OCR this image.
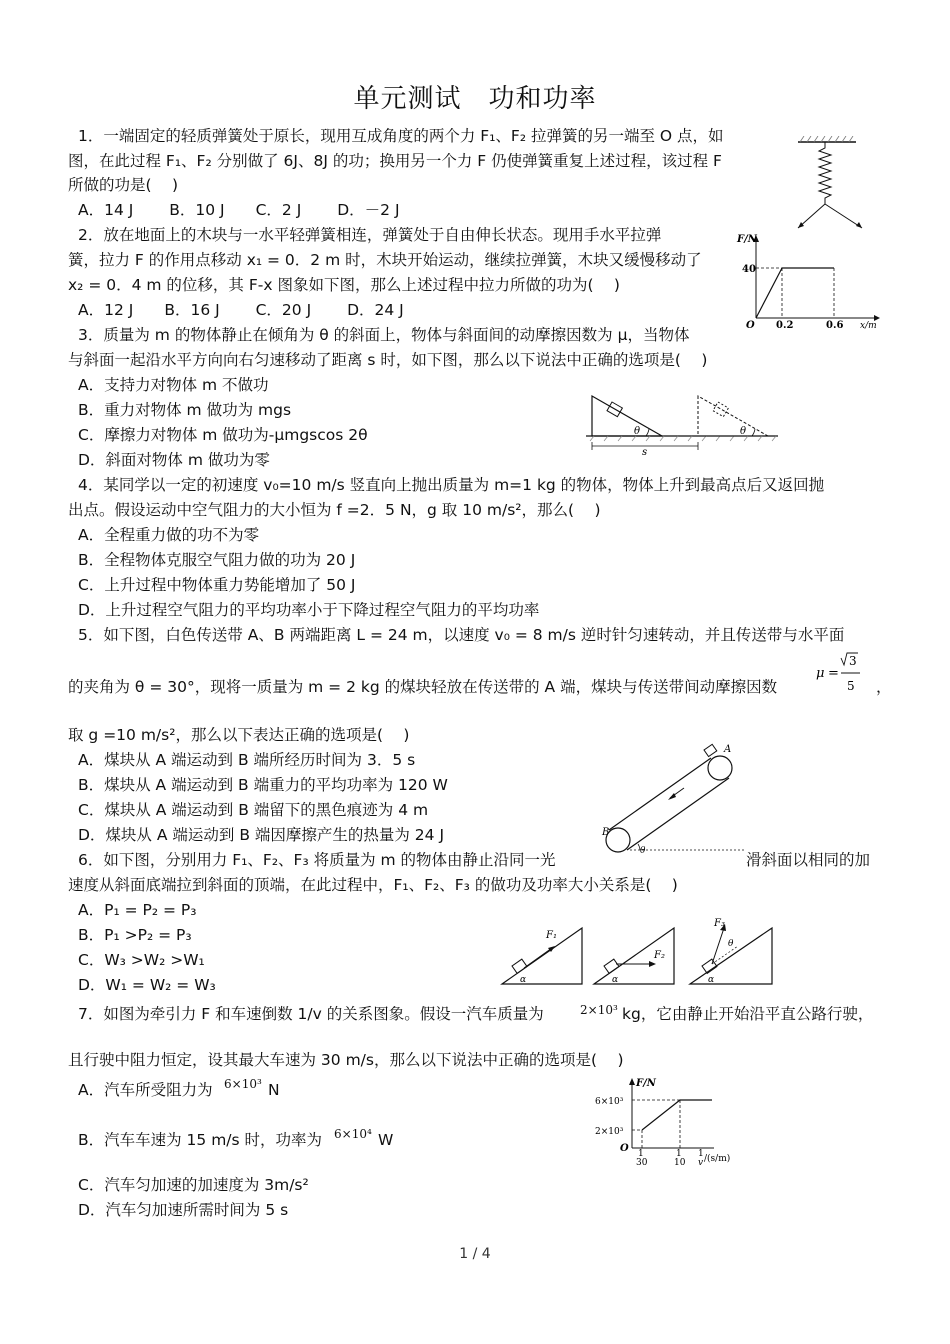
单元测试　功和功率
1．一端固定的轻质弹簧处于原长，现用互成角度的两个力 F₁、F₂ 拉弹簧的另一端至 O 点，如
图，在此过程 F₁、F₂ 分别做了 6J、8J 的功；换用另一个力 F 仍使弹簧重复上述过程，该过程 F
所做的功是(　 )
A．14 J　　 B．10 J　　C．2 J　　 D．－2 J
2．放在地面上的木块与一水平轻弹簧相连，弹簧处于自由伸长状态。现用手水平拉弹
簧，拉力 F 的作用点移动 x₁ = 0．2 m 时，木块开始运动，继续拉弹簧，木块又缓慢移动了
x₂ = 0．4 m 的位移，其 F-x 图象如下图，那么上述过程中拉力所做的功为(　 )
A．12 J　　B．16 J　　 C．20 J　　 D．24 J
3．质量为 m 的物体静止在倾角为 θ 的斜面上，物体与斜面间的动摩擦因数为 μ，当物体
与斜面一起沿水平方向向右匀速移动了距离 s 时，如下图，那么以下说法中正确的选项是(　 )
A．支持力对物体 m 不做功
B．重力对物体 m 做功为 mgs
C．摩擦力对物体 m 做功为-μmgscos 2θ
D．斜面对物体 m 做功为零
4．某同学以一定的初速度 v₀=10 m/s 竖直向上抛出质量为 m=1 kg 的物体，物体上升到最高点后又返回抛
出点。假设运动中空气阻力的大小恒为 f =2．5 N，g 取 10 m/s²，那么(　 )
A．全程重力做的功不为零
B．全程物体克服空气阻力做的功为 20 J
C．上升过程中物体重力势能增加了 50 J
D．上升过程空气阻力的平均功率小于下降过程空气阻力的平均功率
5．如下图，白色传送带 A、B 两端距离 L = 24 m，以速度 v₀ = 8 m/s 逆时针匀速转动，并且传送带与水平面
的夹角为 θ = 30°，现将一质量为 m = 2 kg 的煤块轻放在传送带的 A 端，煤块与传送带间动摩擦因数
μ =
3
5 ，
取 g =10 m/s²，那么以下表达正确的选项是(　 )
A．煤块从 A 端运动到 B 端所经历时间为 3．5 s
B．煤块从 A 端运动到 B 端重力的平均功率为 120 W
C．煤块从 A 端运动到 B 端留下的黑色痕迹为 4 m
D．煤块从 A 端运动到 B 端因摩擦产生的热量为 24 J
6．如下图，分别用力 F₁、F₂、F₃ 将质量为 m 的物体由静止沿同一光	滑斜面以相同的加
速度从斜面底端拉到斜面的顶端，在此过程中，F₁、F₂、F₃ 的做功及功率大小关系是(　 )
A．P₁ = P₂ = P₃
B．P₁ >P₂ = P₃
C．W₃ >W₂ >W₁
D．W₁ = W₂ = W₃
7．如图为牵引力 F 和车速倒数 1/v 的关系图象。假设一汽车质量为	2×10³ kg，它由静止开始沿平直公路行驶，
且行驶中阻力恒定，设其最大车速为 30 m/s，那么以下说法中正确的选项是(　 )
A．汽车所受阻力为 6×10³ N
B．汽车车速为 15 m/s 时，功率为 6×10⁴ W
C．汽车匀加速的加速度为 3m/s²
D．汽车匀加速所需时间为 5 s
F/N
x/m
40
O 0.2	0.6
θ	θ
s
A
B
θ
F₁
α
F₂
α
F₃
θ
α
F/N
6×10³
2×10³
O 1
30
1
10
1
v /(s/m)
1 / 4
